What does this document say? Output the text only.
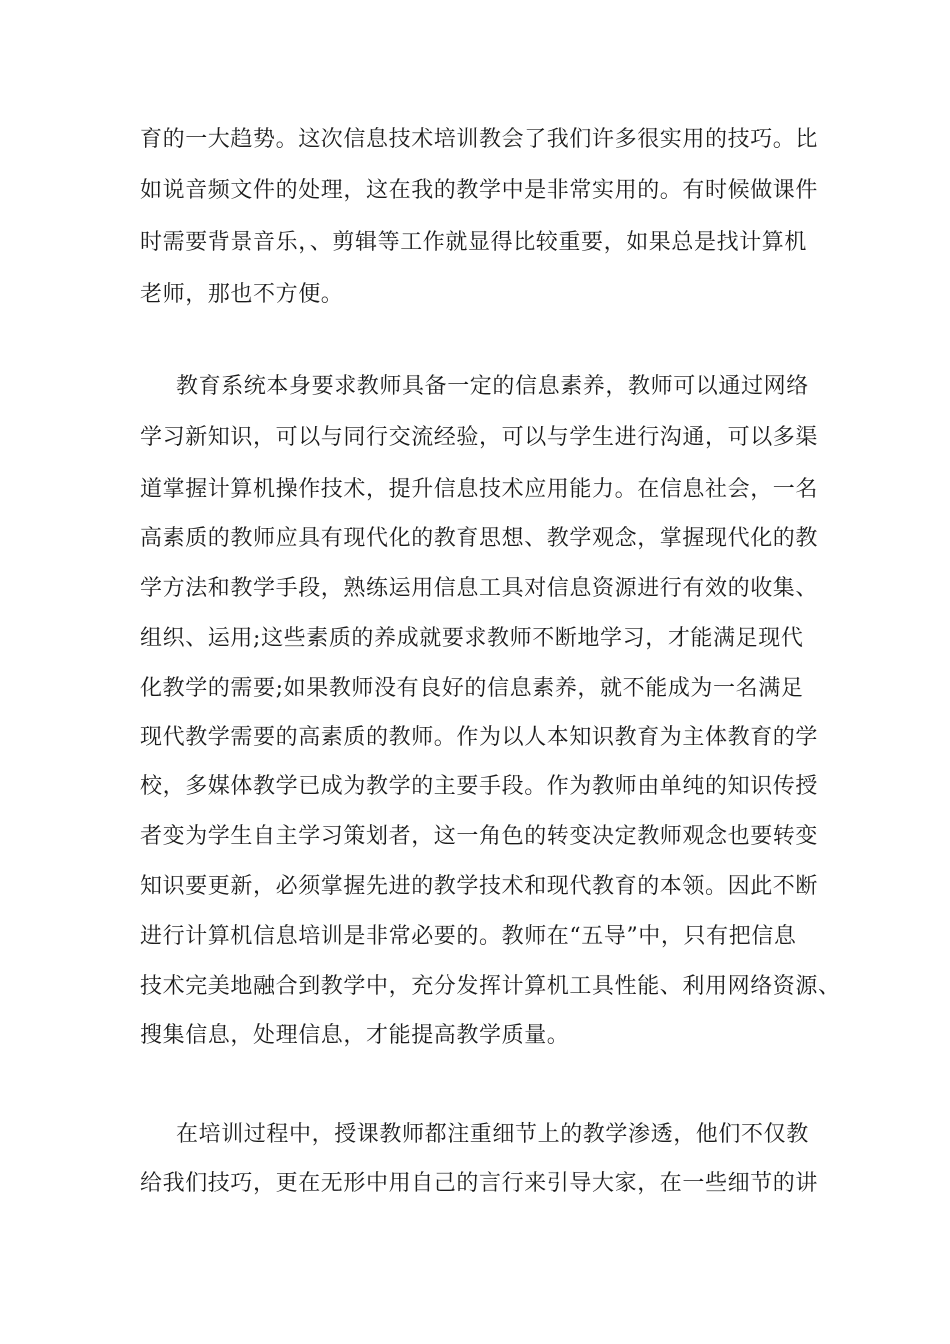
育的一大趋势。这次信息技术培训教会了我们许多很实用的技巧。比
如说音频文件的处理，这在我的教学中是非常实用的。有时候做课件
时需要背景音乐，、剪辑等工作就显得比较重要，如果总是找计算机
老师，那也不方便。
教育系统本身要求教师具备一定的信息素养，教师可以通过网络
学习新知识，可以与同行交流经验，可以与学生进行沟通，可以多渠
道掌握计算机操作技术，提升信息技术应用能力。在信息社会，一名
高素质的教师应具有现代化的教育思想、教学观念，掌握现代化的教
学方法和教学手段，熟练运用信息工具对信息资源进行有效的收集、
组织、运用;这些素质的养成就要求教师不断地学习，才能满足现代
化教学的需要;如果教师没有良好的信息素养，就不能成为一名满足
现代教学需要的高素质的教师。作为以人本知识教育为主体教育的学
校，多媒体教学已成为教学的主要手段。作为教师由单纯的知识传授
者变为学生自主学习策划者，这一角色的转变决定教师观念也要转变
知识要更新，必须掌握先进的教学技术和现代教育的本领。因此不断
进行计算机信息培训是非常必要的。教师在“五导”中，只有把信息
技术完美地融合到教学中，充分发挥计算机工具性能、利用网络资源、
搜集信息，处理信息，才能提高教学质量。
在培训过程中，授课教师都注重细节上的教学渗透，他们不仅教
给我们技巧，更在无形中用自己的言行来引导大家，在一些细节的讲
